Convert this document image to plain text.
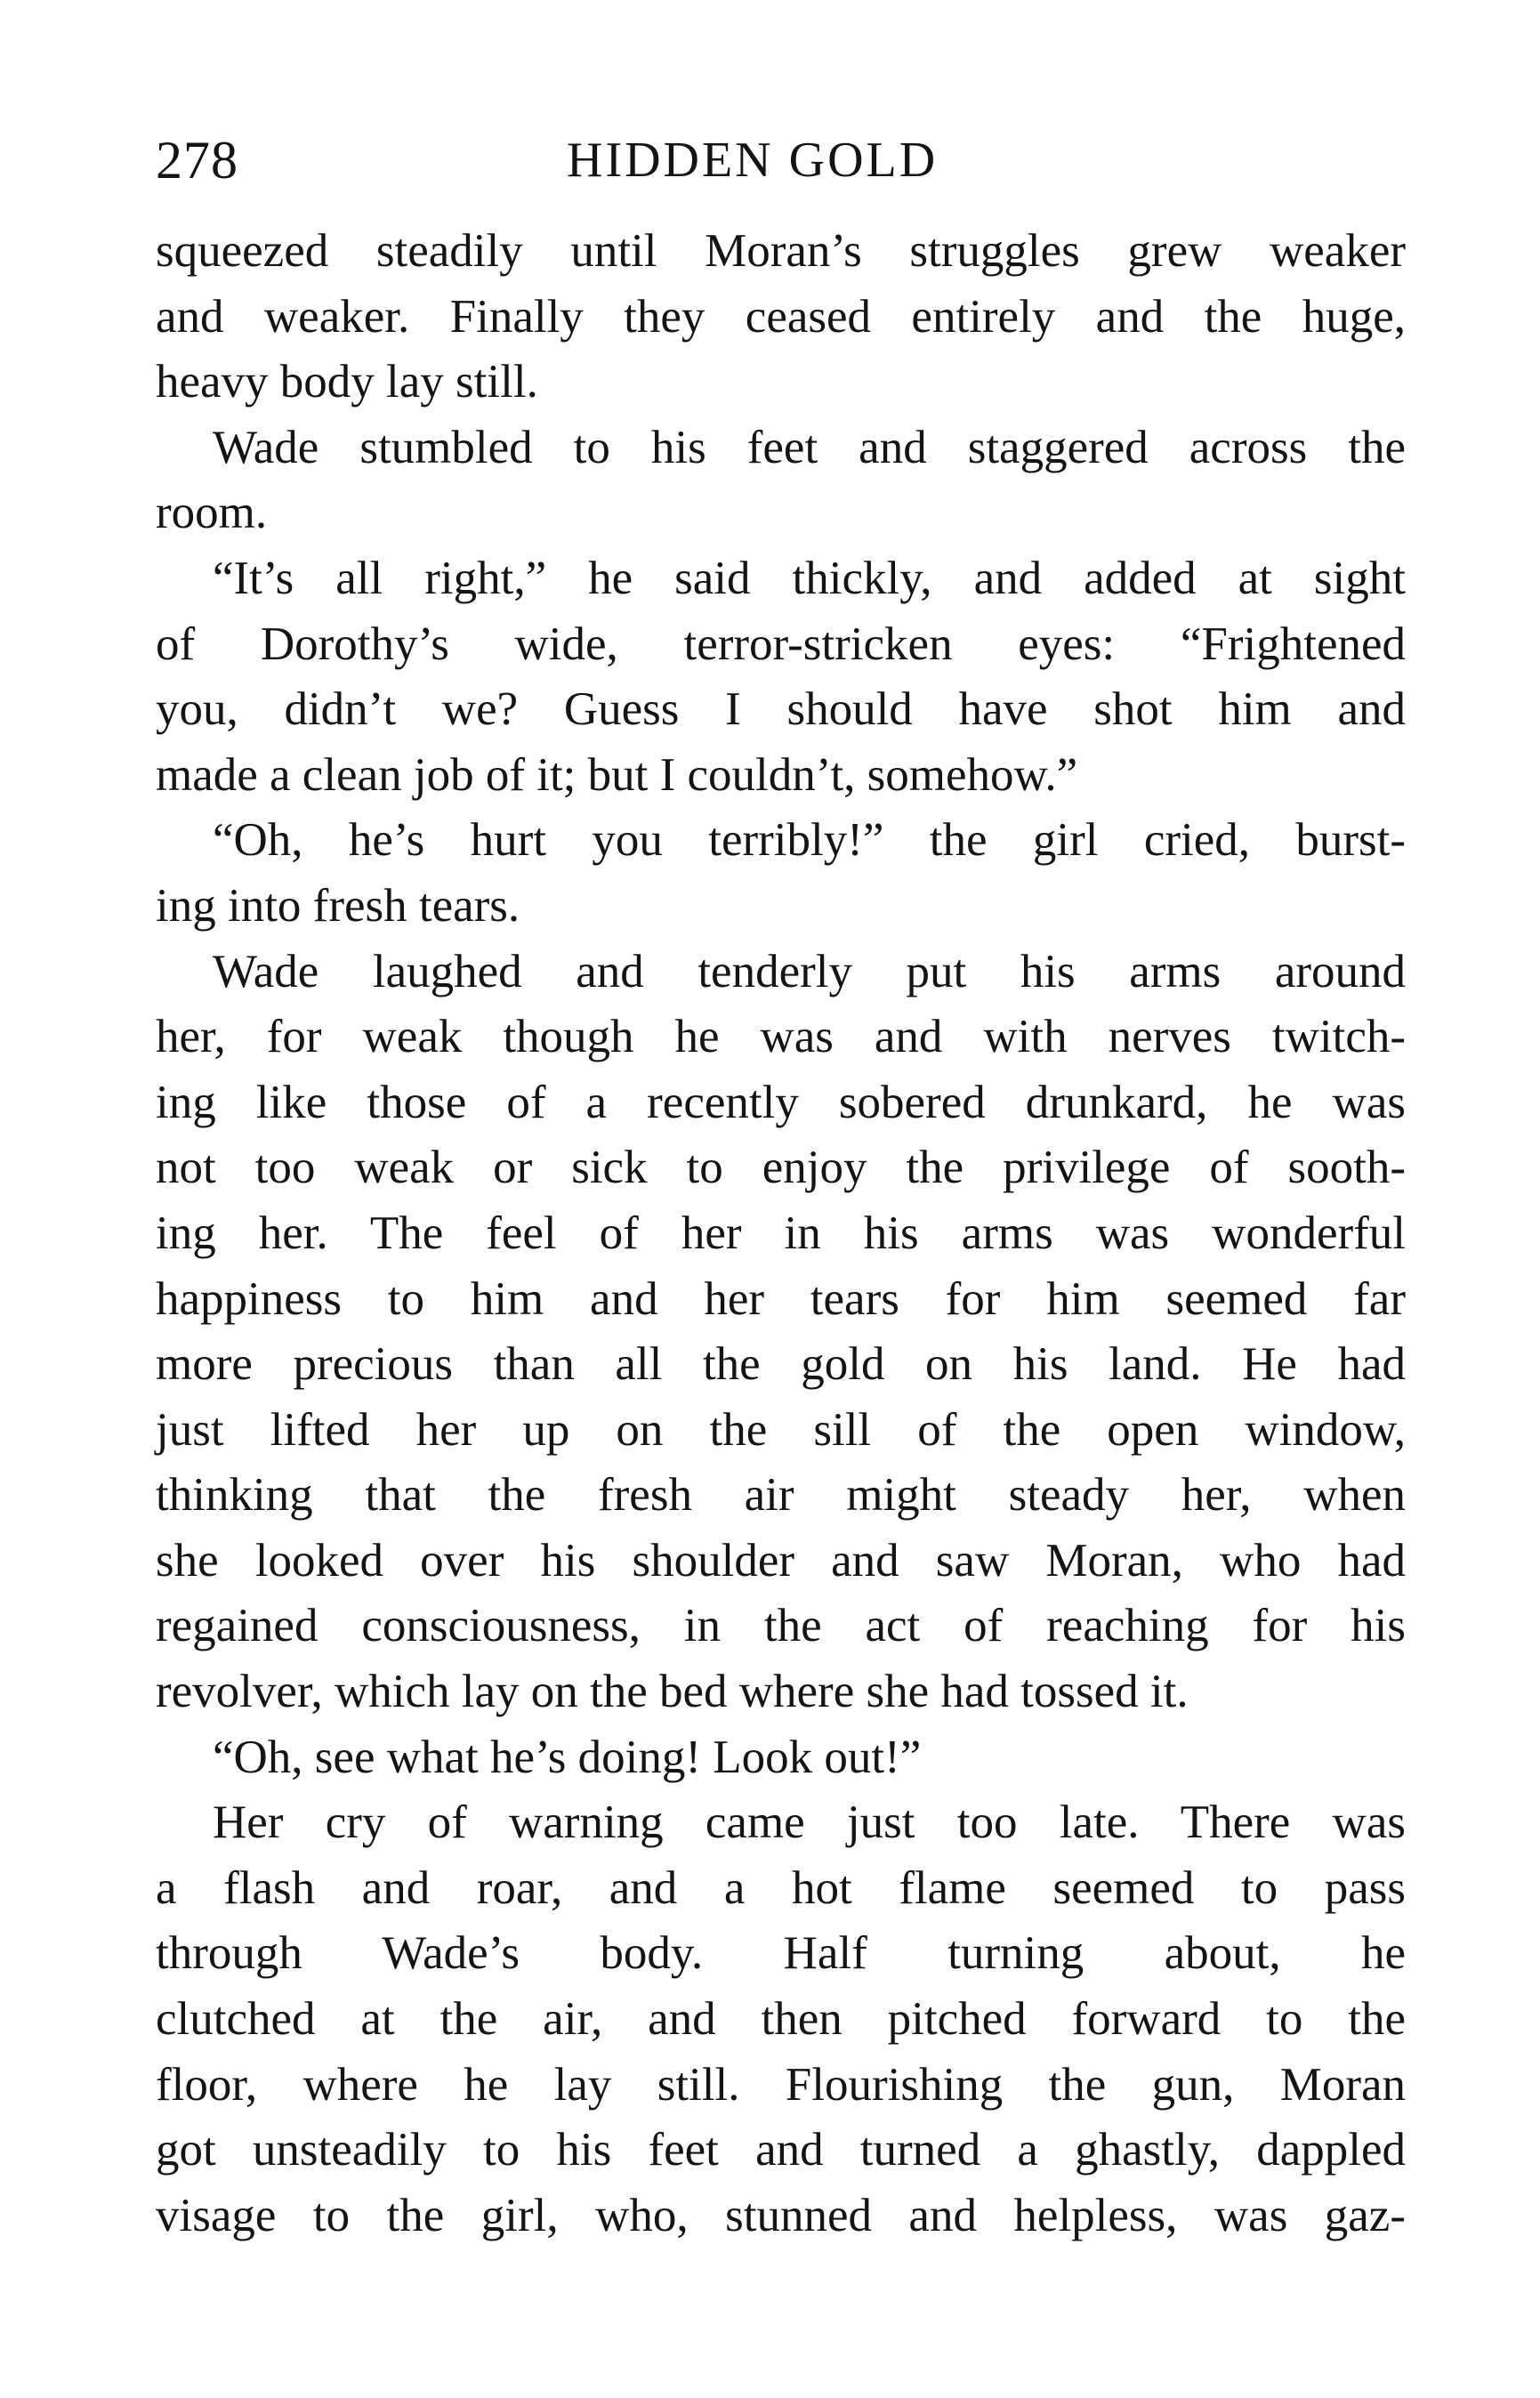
278	HIDDEN GOLD
squeezed steadily until Moran’s struggles grew weaker
and weaker. Finally they ceased entirely and the huge,
heavy body lay still.
Wade stumbled to his feet and staggered across the
room.
“It’s all right,” he said thickly, and added at sight
of Dorothy’s wide, terror-stricken eyes: “Frightened
you, didn’t we? Guess I should have shot him and
made a clean job of it; but I couldn’t, somehow.”
“Oh, he’s hurt you terribly!” the girl cried, burst-
ing into fresh tears.
Wade laughed and tenderly put his arms around
her, for weak though he was and with nerves twitch-
ing like those of a recently sobered drunkard, he was
not too weak or sick to enjoy the privilege of sooth-
ing her. The feel of her in his arms was wonderful
happiness to him and her tears for him seemed far
more precious than all the gold on his land. He had
just lifted her up on the sill of the open window,
thinking that the fresh air might steady her, when
she looked over his shoulder and saw Moran, who had
regained consciousness, in the act of reaching for his
revolver, which lay on the bed where she had tossed it.
“Oh, see what he’s doing! Look out!”
Her cry of warning came just too late. There was
a flash and roar, and a hot flame seemed to pass
through Wade’s body. Half turning about, he
clutched at the air, and then pitched forward to the
floor, where he lay still. Flourishing the gun, Moran
got unsteadily to his feet and turned a ghastly, dappled
visage to the girl, who, stunned and helpless, was gaz-
